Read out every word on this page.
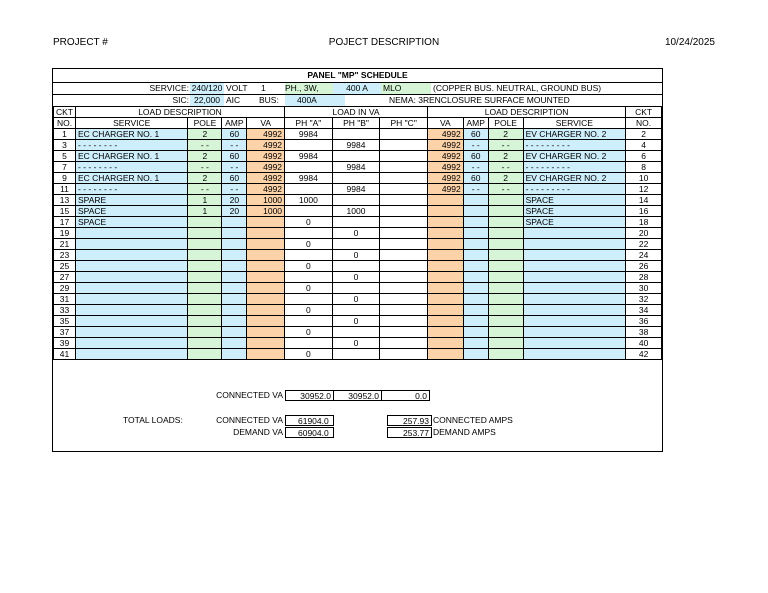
PROJECT #	POJECT DESCRIPTION	10/24/2025
PANEL "MP" SCHEDULE
SERVICE: 240/120 VOLT 1 PH., 3W,	400 A	MLO	(COPPER BUS. NEUTRAL, GROUND BUS)
SIC: 22,000 AIC BUS:	400A	NEMA: 3R ENCLOSURE SURFACE MOUNTED
CKT	LOAD DESCRIPTION				LOAD IN VA			LOAD DESCRIPTION				CKT
NO.	SERVICE	POLE	AMP	VA	PH "A"	PH "B"	PH "C"	VA	AMP	POLE	SERVICE	NO.
1	EC CHARGER NO. 1	2	60	4992	9984			4992	60	2	EV CHARGER NO. 2	2
3	- - - - - - - -	- -	- -	4992		9984		4992	- -	- -	- - - - - - - - -	4
5	EC CHARGER NO. 1	2	60	4992	9984			4992	60	2	EV CHARGER NO. 2	6
7	- - - - - - - -	- -	- -	4992		9984		4992	- -	- -	- - - - - - - - -	8
9	EC CHARGER NO. 1	2	60	4992	9984			4992	60	2	EV CHARGER NO. 2	10
11	- - - - - - - -	- -	- -	4992		9984		4992	- -	- -	- - - - - - - - -	12
13	SPARE	1	20	1000	1000						SPACE	14
15	SPACE	1	20	1000		1000					SPACE	16
17	SPACE				0						SPACE	18
19						0						20
21					0							22
23						0						24
25					0							26
27						0						28
29					0							30
31						0						32
33					0							34
35						0						36
37					0							38
39						0						40
41					0							42
CONNECTED VA	30952.0	30952.0	0.0
TOTAL LOADS:	CONNECTED VA	61904.0
DEMAND VA	60904.0
257.93 CONNECTED AMPS
253.77 DEMAND AMPS
